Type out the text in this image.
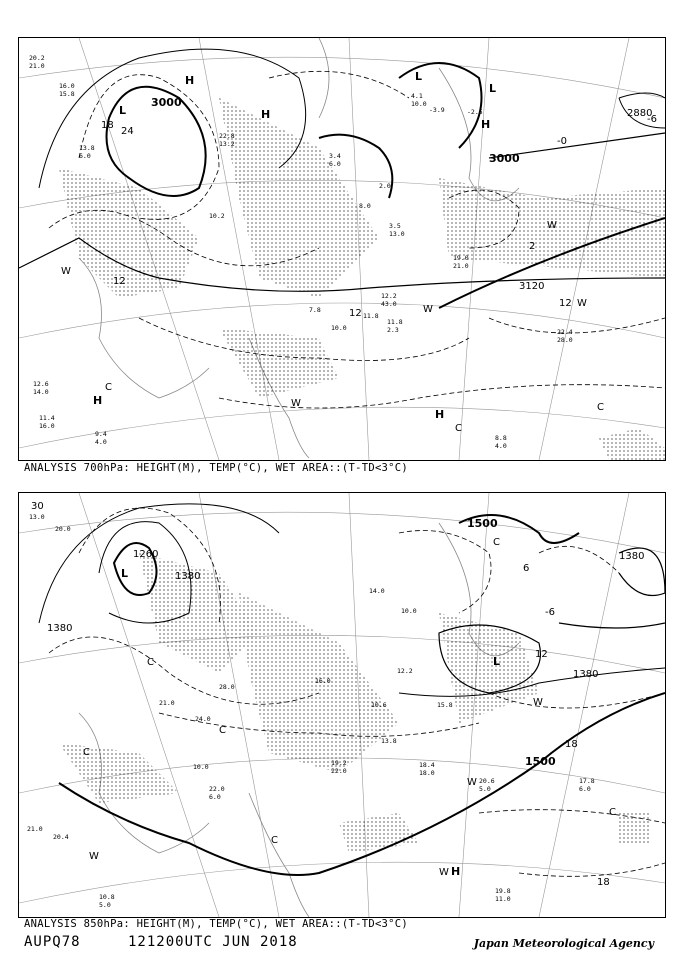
3000
3000
3120
2880
18
24
12
-0
-6
12
12
2
H
H
L
L
L
H
H
H
C
C
C
W
W
W
W
W
21.0
20.2
16.0
15.8
13.8
6.0
22.8
13.2
10.2
3.4
6.0
2.0
4.1
10.0
8.0
3.5
13.0
11.8
12.2
43.0
11.8
2.3
7.8
10.0	22.4
28.0
9.4
4.0
11.4
16.0
12.6
14.0
8.8
4.0
-3.9	-2.5
19.0
21.0
ANALYSIS 700hPa: HEIGHT(M), TEMP(°C), WET AREA::(T-TD<3°C)
1260
1380
1380
1500
1380
1380
1500
30
12
18
6
-6
18
L
L
C
C
C
C
C
W
W
W
W
H
C
13.0
20.0
24.0
28.0
22.0
6.0
10.0
21.0
16.0
20.6
5.0
17.8
6.0
19.8
11.0
19.2
22.0
18.4
18.0
13.8
10.6
14.0
15.8
12.2
10.0
21.0
20.4
10.8
5.0
ANALYSIS 850hPa: HEIGHT(M), TEMP(°C), WET AREA::(T-TD<3°C)
AUPQ78	121200UTC JUN 2018	Japan Meteorological Agency
